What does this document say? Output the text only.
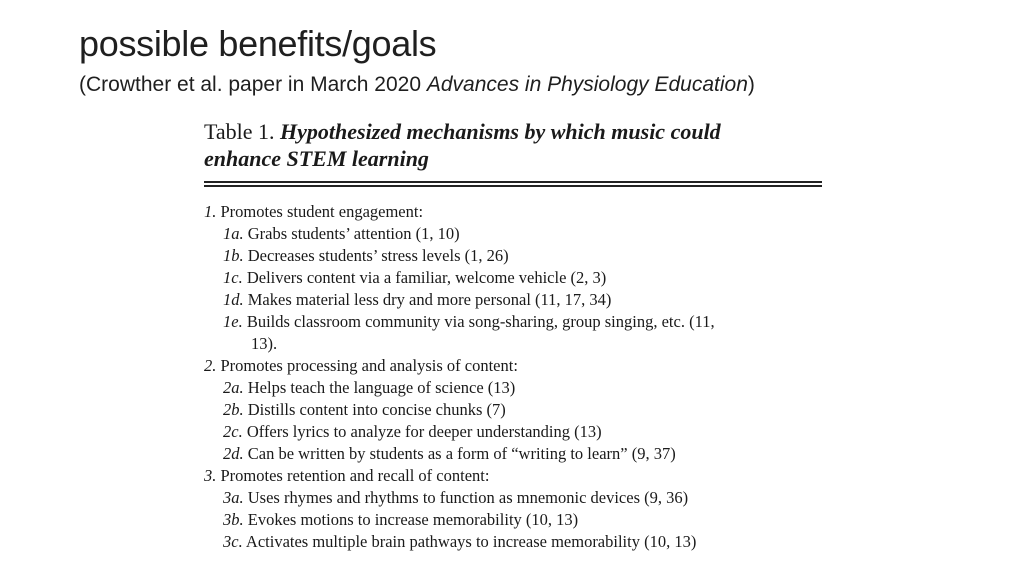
possible benefits/goals
(Crowther et al. paper in March 2020 Advances in Physiology Education)
Table 1. Hypothesized mechanisms by which music could
enhance STEM learning
1. Promotes student engagement:
1a. Grabs students’ attention (1, 10)
1b. Decreases students’ stress levels (1, 26)
1c. Delivers content via a familiar, welcome vehicle (2, 3)
1d. Makes material less dry and more personal (11, 17, 34)
1e. Builds classroom community via song-sharing, group singing, etc. (11,
13).
2. Promotes processing and analysis of content:
2a. Helps teach the language of science (13)
2b. Distills content into concise chunks (7)
2c. Offers lyrics to analyze for deeper understanding (13)
2d. Can be written by students as a form of “writing to learn” (9, 37)
3. Promotes retention and recall of content:
3a. Uses rhymes and rhythms to function as mnemonic devices (9, 36)
3b. Evokes motions to increase memorability (10, 13)
3c. Activates multiple brain pathways to increase memorability (10, 13)
